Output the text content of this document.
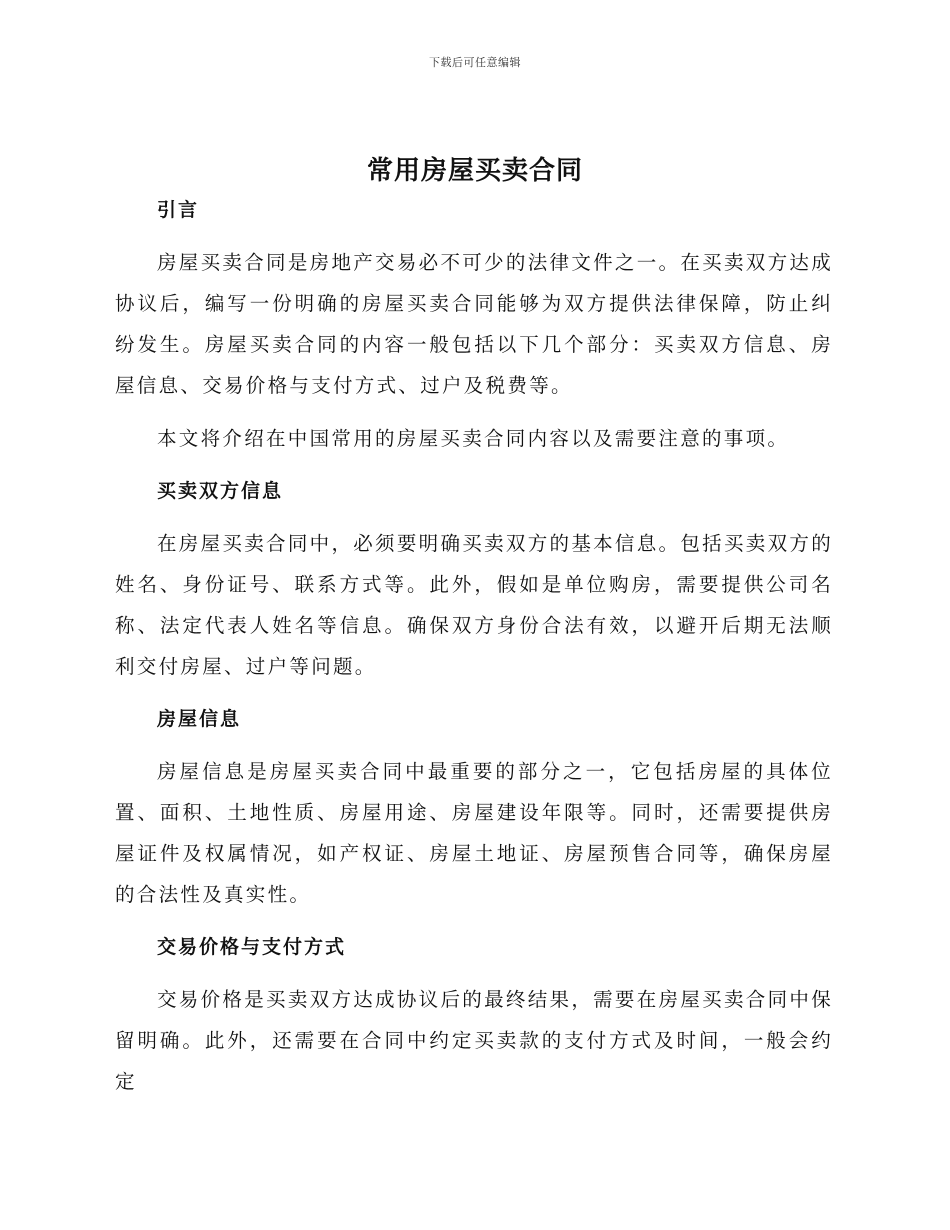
下载后可任意编辑
常用房屋买卖合同
引言

房屋买卖合同是房地产交易必不可少的法律文件之一。在买卖双方达成协议后，编写一份明确的房屋买卖合同能够为双方提供法律保障，防止纠纷发生。房屋买卖合同的内容一般包括以下几个部分：买卖双方信息、房屋信息、交易价格与支付方式、过户及税费等。

本文将介绍在中国常用的房屋买卖合同内容以及需要注意的事项。

买卖双方信息

在房屋买卖合同中，必须要明确买卖双方的基本信息。包括买卖双方的姓名、身份证号、联系方式等。此外，假如是单位购房，需要提供公司名称、法定代表人姓名等信息。确保双方身份合法有效，以避开后期无法顺利交付房屋、过户等问题。

房屋信息

房屋信息是房屋买卖合同中最重要的部分之一，它包括房屋的具体位置、面积、土地性质、房屋用途、房屋建设年限等。同时，还需要提供房屋证件及权属情况，如产权证、房屋土地证、房屋预售合同等，确保房屋的合法性及真实性。

交易价格与支付方式

交易价格是买卖双方达成协议后的最终结果，需要在房屋买卖合同中保留明确。此外，还需要在合同中约定买卖款的支付方式及时间，一般会约定
